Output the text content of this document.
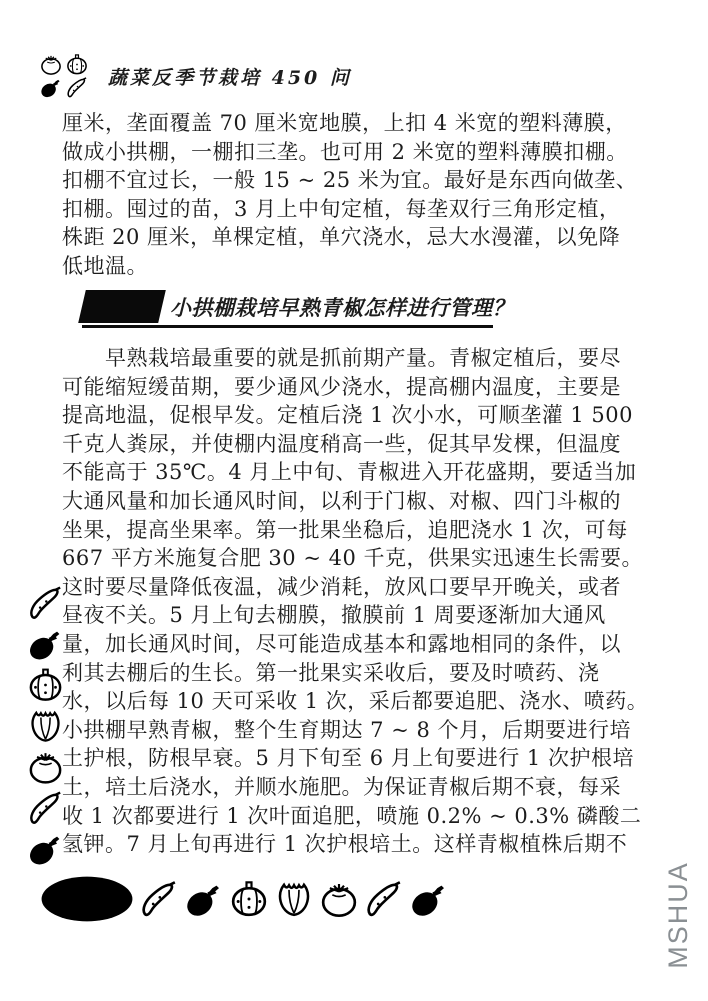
蔬菜反季节栽培 450 问
厘米，垄面覆盖 70 厘米宽地膜，上扣 4 米宽的塑料薄膜，
做成小拱棚，一棚扣三垄。也可用 2 米宽的塑料薄膜扣棚。
扣棚不宜过长，一般 15 ~ 25 米为宜。最好是东西向做垄、
扣棚。囤过的苗，3 月上中旬定植，每垄双行三角形定植，
株距 20 厘米，单棵定植，单穴浇水，忌大水漫灌，以免降
低地温。
小拱棚栽培早熟青椒怎样进行管理？
早熟栽培最重要的就是抓前期产量。青椒定植后，要尽
可能缩短缓苗期，要少通风少浇水，提高棚内温度，主要是
提高地温，促根早发。定植后浇 1 次小水，可顺垄灌 1 500
千克人粪尿，并使棚内温度稍高一些，促其早发棵，但温度
不能高于 35℃。4 月上中旬、青椒进入开花盛期，要适当加
大通风量和加长通风时间，以利于门椒、对椒、四门斗椒的
坐果，提高坐果率。第一批果坐稳后，追肥浇水 1 次，可每
667 平方米施复合肥 30 ~ 40 千克，供果实迅速生长需要。
这时要尽量降低夜温，减少消耗，放风口要早开晚关，或者
昼夜不关。5 月上旬去棚膜，撤膜前 1 周要逐渐加大通风
量，加长通风时间，尽可能造成基本和露地相同的条件，以
利其去棚后的生长。第一批果实采收后，要及时喷药、浇
水，以后每 10 天可采收 1 次，采后都要追肥、浇水、喷药。
小拱棚早熟青椒，整个生育期达 7 ~ 8 个月，后期要进行培
土护根，防根早衰。5 月下旬至 6 月上旬要进行 1 次护根培
土，培土后浇水，并顺水施肥。为保证青椒后期不衰，每采
收 1 次都要进行 1 次叶面追肥，喷施 0.2% ~ 0.3% 磷酸二
氢钾。7 月上旬再进行 1 次护根培土。这样青椒植株后期不
MSHUA
